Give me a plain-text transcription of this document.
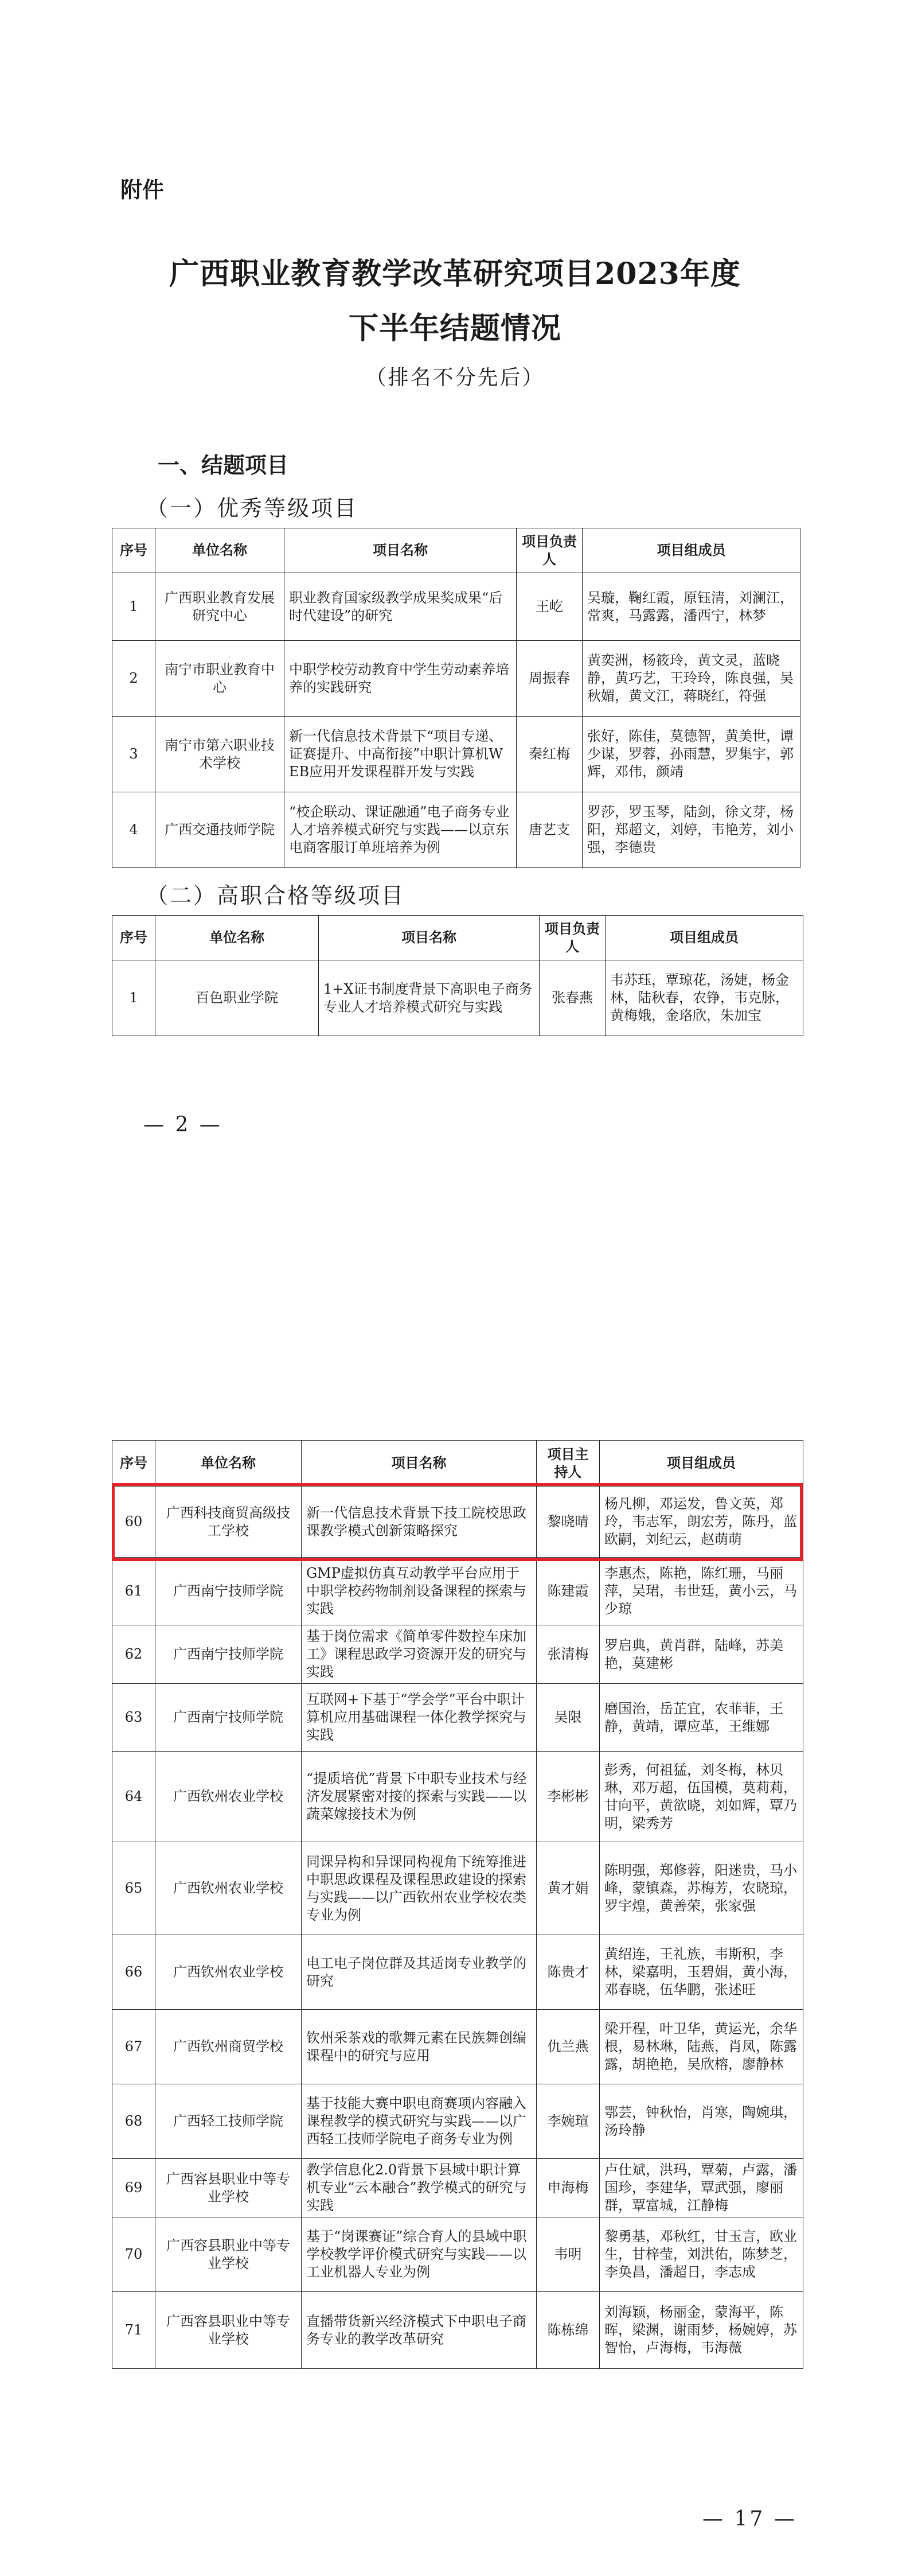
附件
广西职业教育教学改革研究项目2023年度
下半年结题情况
（排名不分先后）
一、结题项目
（一）优秀等级项目
序号	单位名称	项目名称	项目负责人	项目组成员
1	广西职业教育发展研究中心	职业教育国家级教学成果奖成果“后时代建设”的研究	王屹	吴璇，鞠红霞，原钰清，刘澜江，常爽，马露露，潘西宁，林梦
2	南宁市职业教育中心	中职学校劳动教育中学生劳动素养培养的实践研究	周振春	黄奕洲，杨筱玲，黄文灵，蓝晓静，黄巧艺，王玲玲，陈良强，吴秋媚，黄文江，蒋晓红，符强
3	南宁市第六职业技术学校	新一代信息技术背景下“项目专递、证赛提升、中高衔接”中职计算机WEB应用开发课程群开发与实践	秦红梅	张好，陈佳，莫德智，黄美世，谭少谋，罗蓉，孙雨慧，罗集宇，郭辉，邓伟，颜靖
4	广西交通技师学院	“校企联动、课证融通”电子商务专业人才培养模式研究与实践——以京东电商客服订单班培养为例	唐艺支	罗莎，罗玉琴，陆剑，徐文芽，杨阳，郑超文，刘婷，韦艳芳，刘小强，李德贵
（二）高职合格等级项目
序号	单位名称	项目名称	项目负责人	项目组成员
1	百色职业学院	1+X证书制度背景下高职电子商务专业人才培养模式研究与实践	张春燕	韦苏珏，覃琼花，汤婕，杨金林，陆秋春，农铮，韦克脉，黄梅娥，金珞欣，朱加宝
— 2 —
序号	单位名称	项目名称	项目主持人	项目组成员
60	广西科技商贸高级技工学校	新一代信息技术背景下技工院校思政课教学模式创新策略探究	黎晓晴	杨凡柳，邓运发，鲁文英，郑玲，韦志军，朗宏芳，陈丹，蓝欧嗣，刘纪云，赵萌萌
61	广西南宁技师学院	GMP虚拟仿真互动教学平台应用于中职学校药物制剂设备课程的探索与实践	陈建霞	李惠杰，陈艳，陈红珊，马丽萍，吴珺，韦世廷，黄小云，马少琼
62	广西南宁技师学院	基于岗位需求《简单零件数控车床加工》课程思政学习资源开发的研究与实践	张清梅	罗启典，黄肖群，陆峰，苏美艳，莫建彬
63	广西南宁技师学院	互联网+下基于“学会学”平台中职计算机应用基础课程一体化教学探究与实践	吴限	磨国治，岳芷宜，农菲菲，王静，黄靖，谭应革，王维娜
64	广西钦州农业学校	“提质培优”背景下中职专业技术与经济发展紧密对接的探索与实践——以蔬菜嫁接技术为例	李彬彬	彭秀，何祖猛，刘冬梅，林贝琳，邓万超，伍国模，莫莉莉，甘向平，黄欲晓，刘如辉，覃乃明，梁秀芳
65	广西钦州农业学校	同课异构和异课同构视角下统筹推进中职思政课程及课程思政建设的探索与实践——以广西钦州农业学校农类专业为例	黄才娟	陈明强，郑修蓉，阳迷贵，马小峰，蒙镇森，苏梅芳，农晓琼，罗宇煌，黄善荣，张家强
66	广西钦州农业学校	电工电子岗位群及其适岗专业教学的研究	陈贵才	黄绍连，王礼族，韦斯积，李林，梁嘉明，玉碧娟，黄小海，邓春晓，伍华鹏，张述旺
67	广西钦州商贸学校	钦州采茶戏的歌舞元素在民族舞创编课程中的研究与应用	仇兰燕	梁开程，叶卫华，黄运光，余华根，易林琳，陆燕，肖凤，陈露露，胡艳艳，吴欣榕，廖静林
68	广西轻工技师学院	基于技能大赛中职电商赛项内容融入课程教学的模式研究与实践——以广西轻工技师学院电子商务专业为例	李婉瑄	鄂芸，钟秋怡，肖寒，陶婉琪，汤玲静
69	广西容县职业中等专业学校	教学信息化2.0背景下县域中职计算机专业“云本融合”教学模式的研究与实践	申海梅	卢仕斌，洪玛，覃菊，卢露，潘国珍，李建华，覃武强，廖丽群，覃富城，江静梅
70	广西容县职业中等专业学校	基于“岗课赛证”综合育人的县域中职学校教学评价模式研究与实践——以工业机器人专业为例	韦明	黎勇基，邓秋红，甘玉言，欧业生，甘梓莹，刘洪佑，陈梦芝，李奂昌，潘超日，李志成
71	广西容县职业中等专业学校	直播带货新兴经济模式下中职电子商务专业的教学改革研究	陈栋绵	刘海颖，杨丽金，蒙海平，陈晖，梁渊，谢雨梦，杨婉婷，苏智怡，卢海梅，韦海薇
— 17 —
